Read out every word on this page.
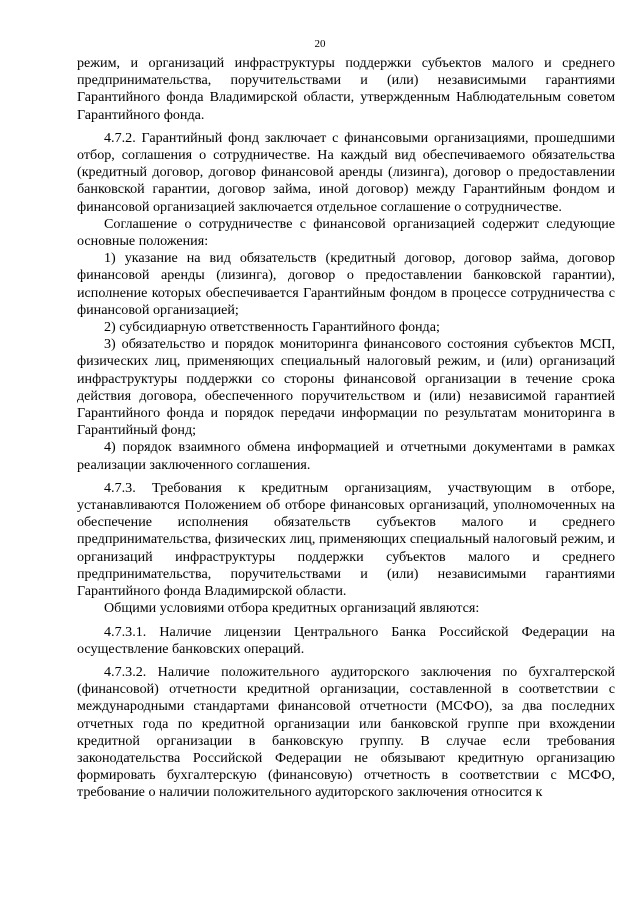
20

режим, и организаций инфраструктуры поддержки субъектов малого и среднего предпринимательства, поручительствами и (или) независимыми гарантиями Гарантийного фонда Владимирской области, утвержденным Наблюдательным советом Гарантийного фонда.

4.7.2. Гарантийный фонд заключает с финансовыми организациями, прошедшими отбор, соглашения о сотрудничестве. На каждый вид обеспечиваемого обязательства (кредитный договор, договор финансовой аренды (лизинга), договор о предоставлении банковской гарантии, договор займа, иной договор) между Гарантийным фондом и финансовой организацией заключается отдельное соглашение о сотрудничестве.

Соглашение о сотрудничестве с финансовой организацией содержит следующие основные положения:

1) указание на вид обязательств (кредитный договор, договор займа, договор финансовой аренды (лизинга), договор о предоставлении банковской гарантии), исполнение которых обеспечивается Гарантийным фондом в процессе сотрудничества с финансовой организацией;

2) субсидиарную ответственность Гарантийного фонда;

3) обязательство и порядок мониторинга финансового состояния субъектов МСП, физических лиц, применяющих специальный налоговый режим, и (или) организаций инфраструктуры поддержки со стороны финансовой организации в течение срока действия договора, обеспеченного поручительством и (или) независимой гарантией Гарантийного фонда и порядок передачи информации по результатам мониторинга в Гарантийный фонд;

4) порядок взаимного обмена информацией и отчетными документами в рамках реализации заключенного соглашения.

4.7.3. Требования к кредитным организациям, участвующим в отборе, устанавливаются Положением об отборе финансовых организаций, уполномоченных на обеспечение исполнения обязательств субъектов малого и среднего предпринимательства, физических лиц, применяющих специальный налоговый режим, и организаций инфраструктуры поддержки субъектов малого и среднего предпринимательства, поручительствами и (или) независимыми гарантиями Гарантийного фонда Владимирской области.

Общими условиями отбора кредитных организаций являются:

4.7.3.1. Наличие лицензии Центрального Банка Российской Федерации на осуществление банковских операций.

4.7.3.2. Наличие положительного аудиторского заключения по бухгалтерской (финансовой) отчетности кредитной организации, составленной в соответствии с международными стандартами финансовой отчетности (МСФО), за два последних отчетных года по кредитной организации или банковской группе при вхождении кредитной организации в банковскую группу. В случае если требования законодательства Российской Федерации не обязывают кредитную организацию формировать бухгалтерскую (финансовую) отчетность в соответствии с МСФО, требование о наличии положительного аудиторского заключения относится к
